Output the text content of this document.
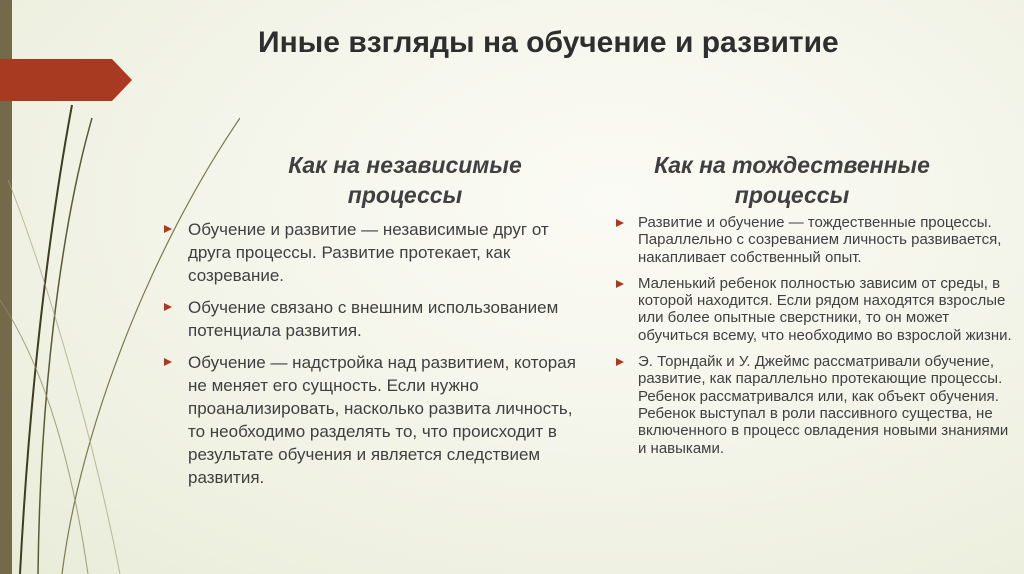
Иные взгляды на обучение и развитие
Как на независимые процессы
Как на тождественные процессы
Обучение и развитие — независимые друг от друга процессы. Развитие протекает, как созревание.
Обучение связано с внешним использованием потенциала развития.
Обучение — надстройка над развитием, которая не меняет его сущность. Если нужно проанализировать, насколько развита личность, то необходимо разделять то, что происходит в результате обучения и является следствием развития.
Развитие и обучение — тождественные процессы. Параллельно с созреванием личность развивается, накапливает собственный опыт.
Маленький ребенок полностью зависим от среды, в которой находится. Если рядом находятся взрослые или более опытные сверстники, то он может обучиться всему, что необходимо во взрослой жизни.
Э. Торндайк и У. Джеймс рассматривали обучение, развитие, как параллельно протекающие процессы. Ребенок рассматривался или, как объект обучения. Ребенок выступал в роли пассивного существа, не включенного в процесс овладения новыми знаниями и навыками.
